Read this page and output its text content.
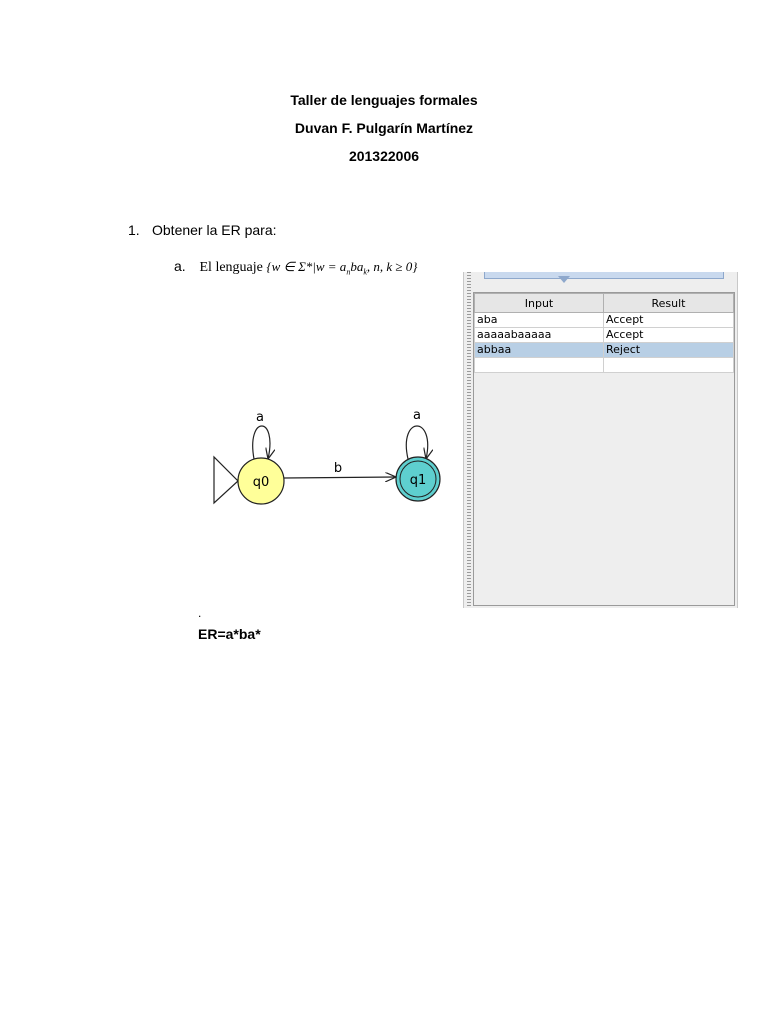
Taller de lenguajes formales
Duvan F. Pulgarín Martínez
201322006
1. Obtener la ER para:
a. El lenguaje {w ∈ $\Sigma*|w = a_nba_k$, n, k ≥ 0}
a
b
a
q0	q1
Input	Result
aba	Accept
aaaaabaaaaa	Accept
abbaa	Reject

.
ER=a*ba*
